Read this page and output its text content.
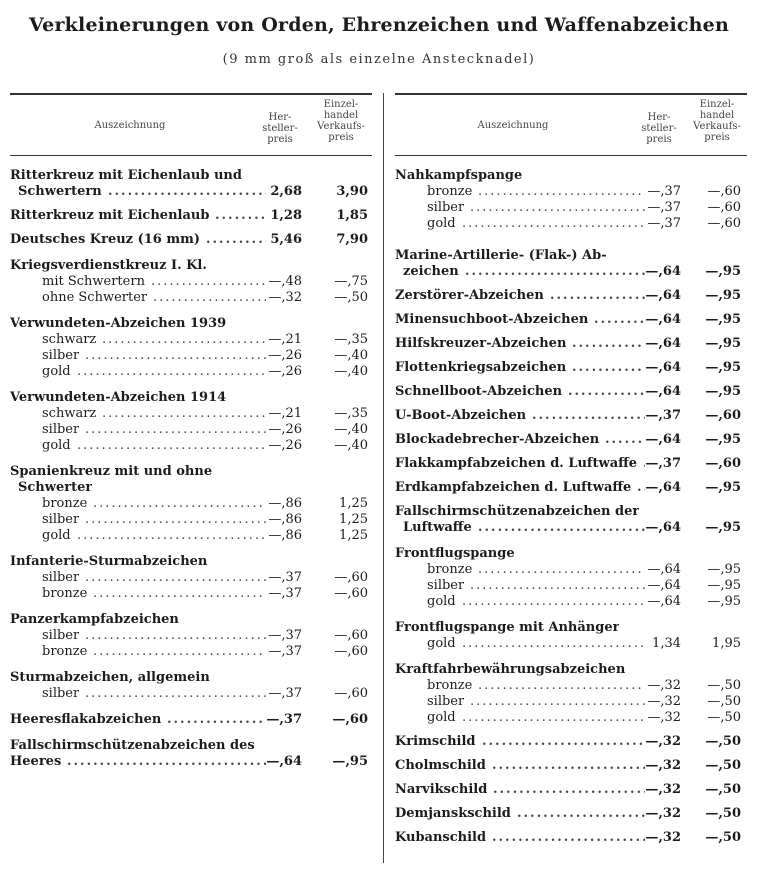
Verkleinerungen von Orden, Ehrenzeichen und Waffenabzeichen
(9 mm groß als einzelne Anstecknadel)
Auszeichnung
Her-
steller-
preis
Einzel-
handel
Verkaufs-
preis
Ritterkreuz mit Eichenlaub und
Schwertern .....	2,68	3,90
Ritterkreuz mit Eichenlaub .....	1,28	1,85
Deutsches Kreuz (16 mm) .....	5,46	7,90
Kriegsverdienstkreuz I. Kl.
mit Schwertern .....	—,48	—,75
ohne Schwerter .....	—,32	—,50
Verwundeten-Abzeichen 1939
schwarz .....	—,21	—,35
silber .....	—,26	—,40
gold .....	—,26	—,40
Verwundeten-Abzeichen 1914
schwarz .....	—,21	—,35
silber .....	—,26	—,40
gold .....	—,26	—,40
Spanienkreuz mit und ohne
Schwerter
bronze .....	—,86	1,25
silber .....	—,86	1,25
gold .....	—,86	1,25
Infanterie-Sturmabzeichen
silber .....	—,37	—,60
bronze .....	—,37	—,60
Panzerkampfabzeichen
silber .....	—,37	—,60
bronze .....	—,37	—,60
Sturmabzeichen, allgemein
silber .....	—,37	—,60
Heeresflakabzeichen .....	—,37	—,60
Fallschirmschützenabzeichen des
Heeres .....	—,64	—,95
Auszeichnung
Her-
steller-
preis
Einzel-
handel
Verkaufs-
preis
Nahkampfspange
bronze .....	—,37	—,60
silber .....	—,37	—,60
gold .....	—,37	—,60
Marine-Artillerie- (Flak-) Ab-
zeichen .....	—,64	—,95
Zerstörer-Abzeichen .....	—,64	—,95
Minensuchboot-Abzeichen .....	—,64	—,95
Hilfskreuzer-Abzeichen .....	—,64	—,95
Flottenkriegsabzeichen .....	—,64	—,95
Schnellboot-Abzeichen .....	—,64	—,95
U-Boot-Abzeichen .....	—,37	—,60
Blockadebrecher-Abzeichen .....	—,64	—,95
Flakkampfabzeichen d. Luftwaffe ..... —,37	—,60
Erdkampfabzeichen d. Luftwaffe .....	—,64	—,95
Fallschirmschützenabzeichen der
Luftwaffe .....	—,64	—,95
Frontflugspange
bronze .....	—,64	—,95
silber .....	—,64	—,95
gold .....	—,64	—,95
Frontflugspange mit Anhänger
gold .....	1,34	1,95
Kraftfahrbewährungsabzeichen
bronze .....	—,32	—,50
silber .....	—,32	—,50
gold .....	—,32	—,50
Krimschild .....	—,32	—,50
Cholmschild .....	—,32	—,50
Narvikschild .....	—,32	—,50
Demjanskschild .....	—,32	—,50
Kubanschild .....	—,32	—,50
